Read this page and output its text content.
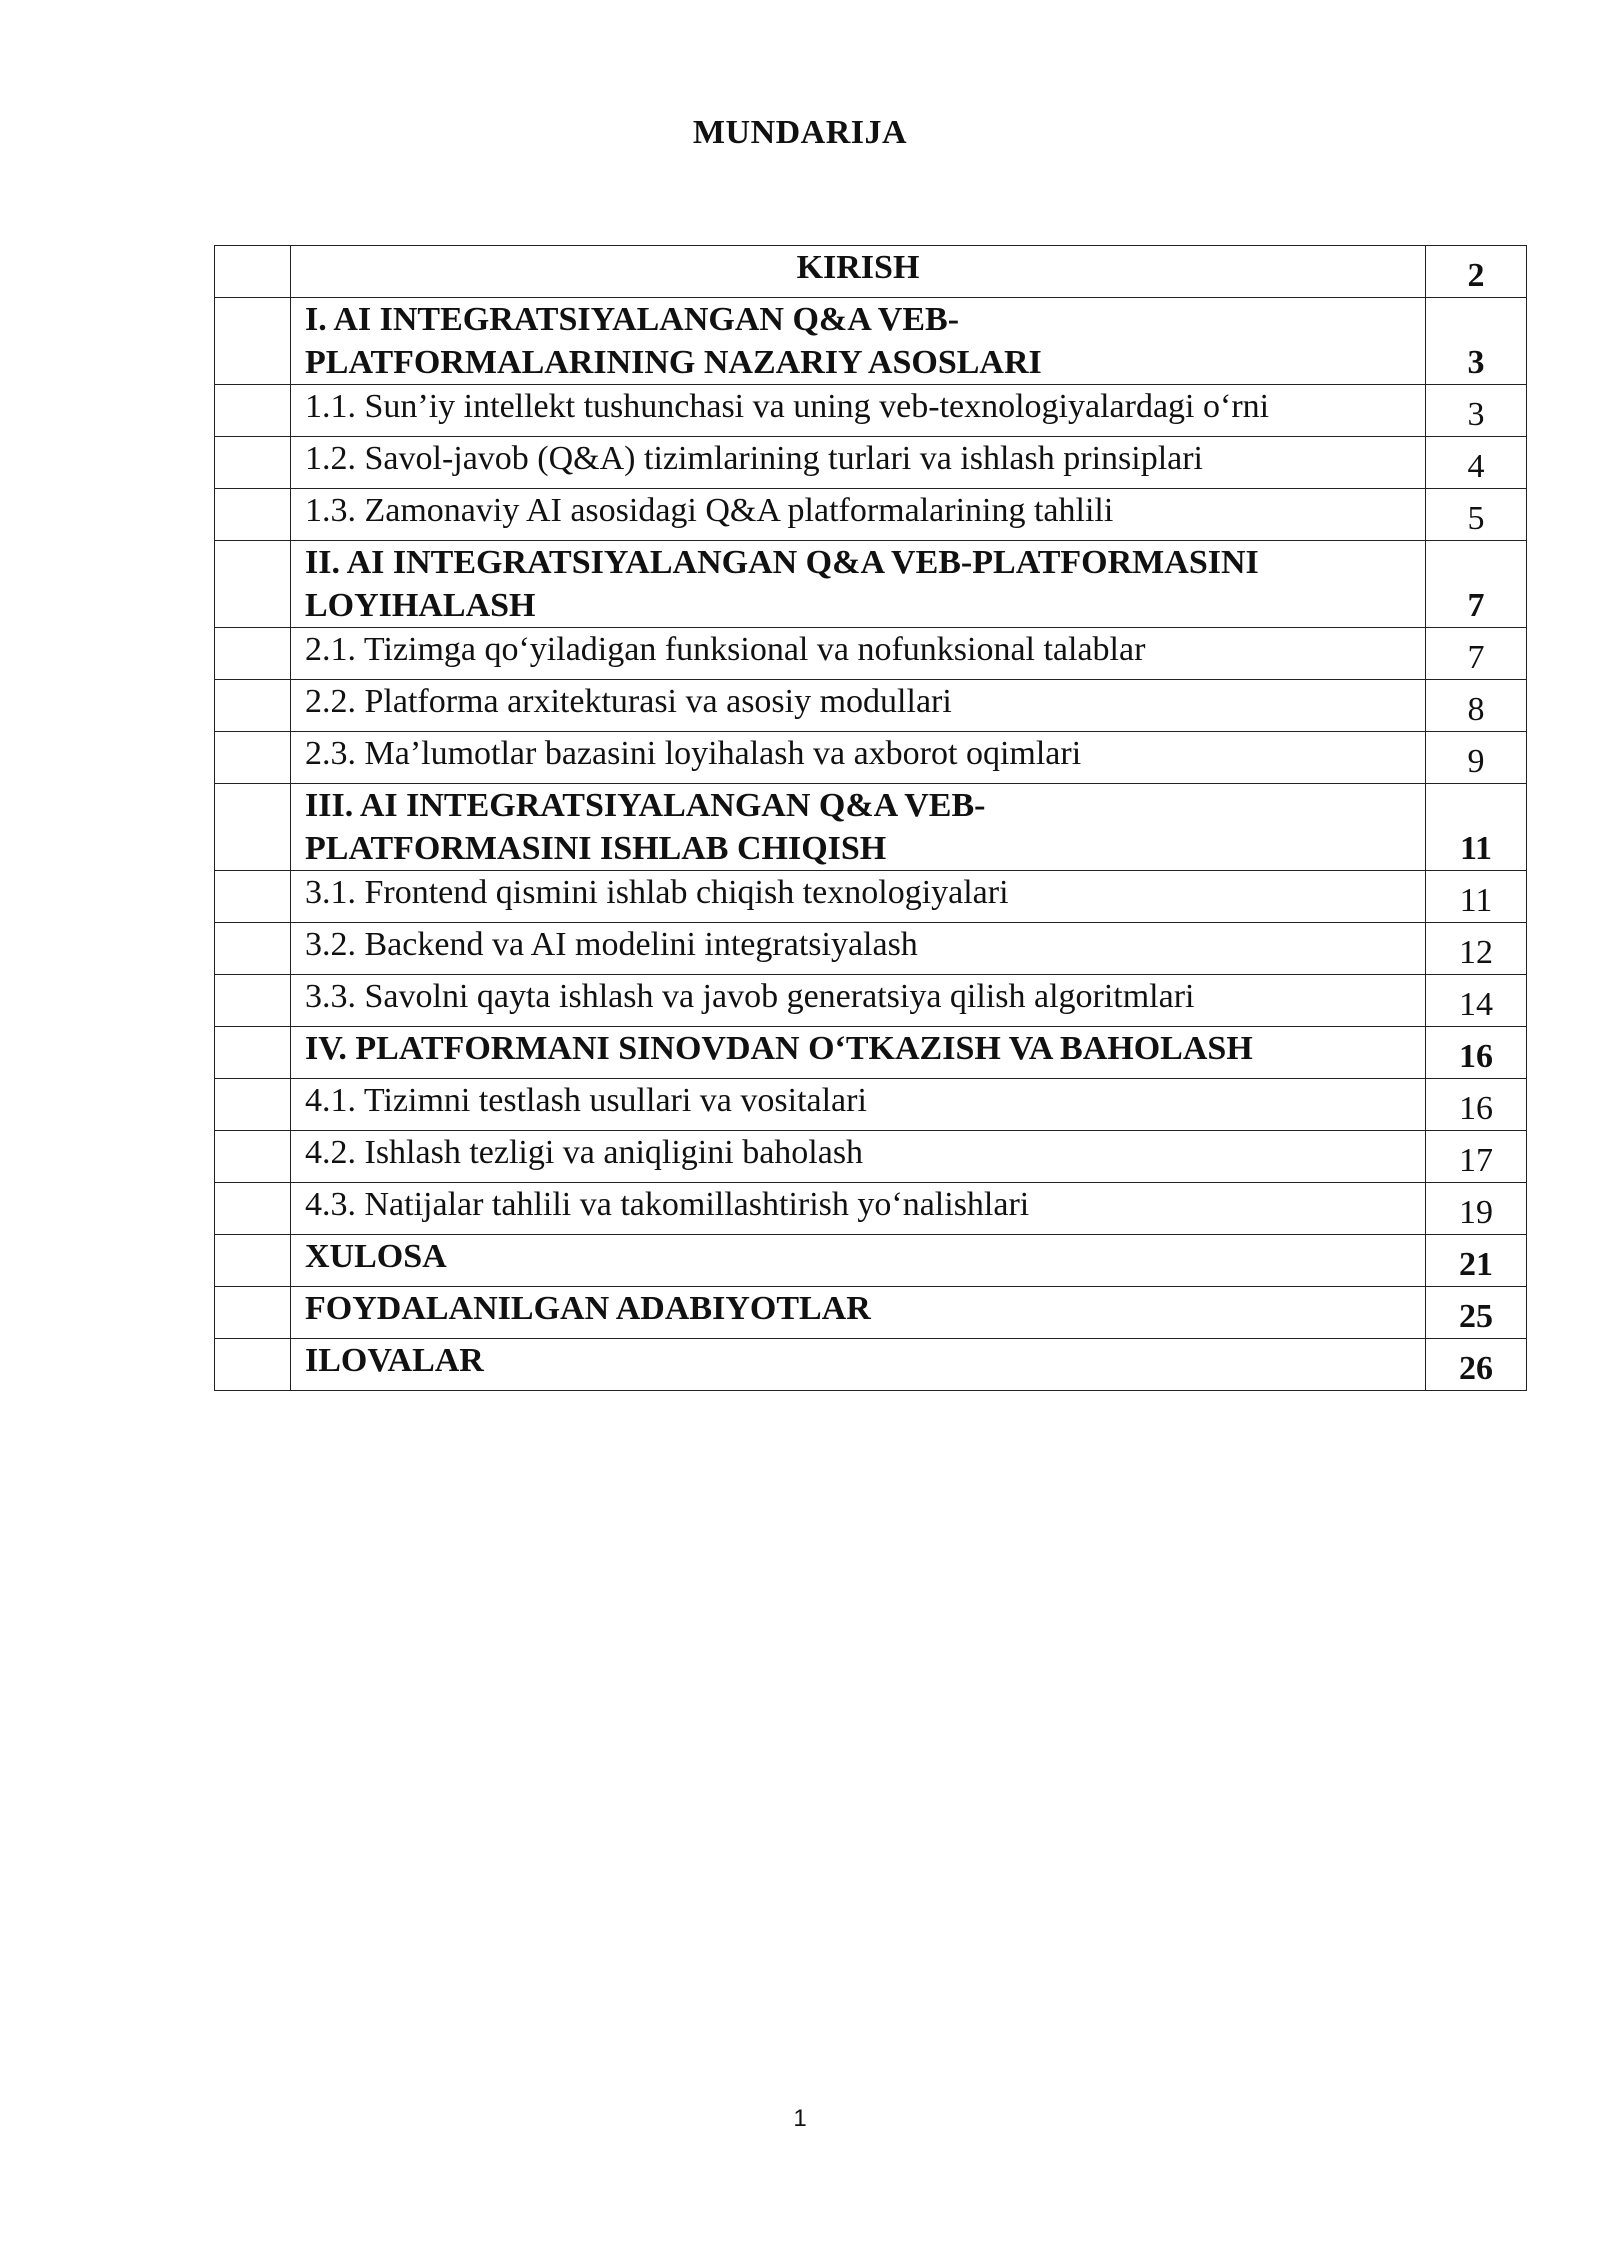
MUNDARIJA
	KIRISH	2

	I. AI INTEGRATSIYALANGAN Q&A VEB-
PLATFORMALARINING NAZARIY ASOSLARI	3
	1.1. Sun’iy intellekt tushunchasi va uning veb-texnologiyalardagi o‘rni	3
	1.2. Savol-javob (Q&A) tizimlarining turlari va ishlash prinsiplari	4
	1.3. Zamonaviy AI asosidagi Q&A platformalarining tahlili	5

	II. AI INTEGRATSIYALANGAN Q&A VEB-PLATFORMASINI
LOYIHALASH	7
	2.1. Tizimga qo‘yiladigan funksional va nofunksional talablar	7
	2.2. Platforma arxitekturasi va asosiy modullari	8
	2.3. Ma’lumotlar bazasini loyihalash va axborot oqimlari	9

	III. AI INTEGRATSIYALANGAN Q&A VEB-
PLATFORMASINI ISHLAB CHIQISH	11
	3.1. Frontend qismini ishlab chiqish texnologiyalari	11
	3.2. Backend va AI modelini integratsiyalash	12
	3.3. Savolni qayta ishlash va javob generatsiya qilish algoritmlari	14
	IV. PLATFORMANI SINOVDAN O‘TKAZISH VA BAHOLASH	16
	4.1. Tizimni testlash usullari va vositalari	16
	4.2. Ishlash tezligi va aniqligini baholash	17
	4.3. Natijalar tahlili va takomillashtirish yo‘nalishlari	19
	XULOSA	21
	FOYDALANILGAN ADABIYOTLAR	25
	ILOVALAR	26
1
